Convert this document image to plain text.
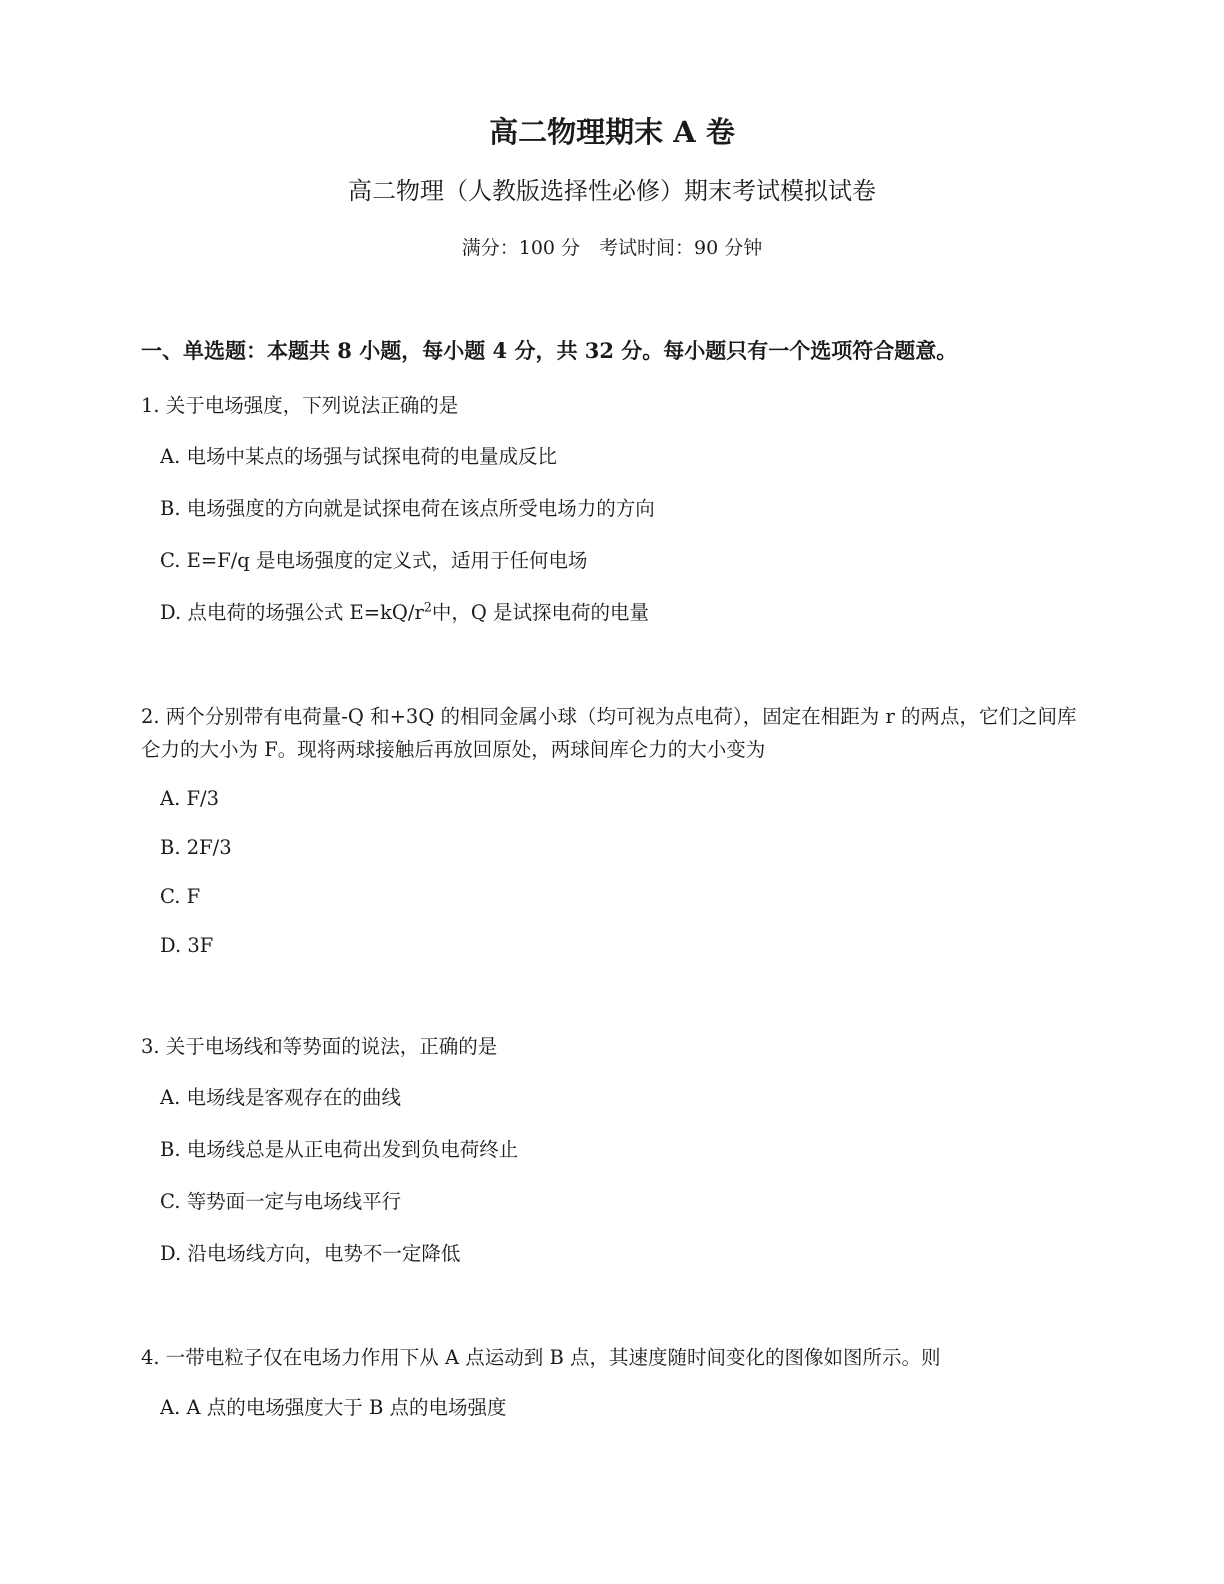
高二物理期末 A 卷
高二物理（人教版选择性必修）期末考试模拟试卷
满分：100 分　考试时间：90 分钟
一、单选题：本题共 8 小题，每小题 4 分，共 32 分。每小题只有一个选项符合题意。
1. 关于电场强度，下列说法正确的是
A. 电场中某点的场强与试探电荷的电量成反比
B. 电场强度的方向就是试探电荷在该点所受电场力的方向
C. E=F/q 是电场强度的定义式，适用于任何电场
D. 点电荷的场强公式 $E=kQ/r^2$中，Q 是试探电荷的电量
2. 两个分别带有电荷量-Q 和+3Q 的相同金属小球（均可视为点电荷），固定在相距为 r 的两点，它们之间库仑力的大小为 F。现将两球接触后再放回原处，两球间库仑力的大小变为
A. F/3
B. 2F/3
C. F
D. 3F
3. 关于电场线和等势面的说法，正确的是
A. 电场线是客观存在的曲线
B. 电场线总是从正电荷出发到负电荷终止
C. 等势面一定与电场线平行
D. 沿电场线方向，电势不一定降低
4. 一带电粒子仅在电场力作用下从 A 点运动到 B 点，其速度随时间变化的图像如图所示。则
A. A 点的电场强度大于 B 点的电场强度
